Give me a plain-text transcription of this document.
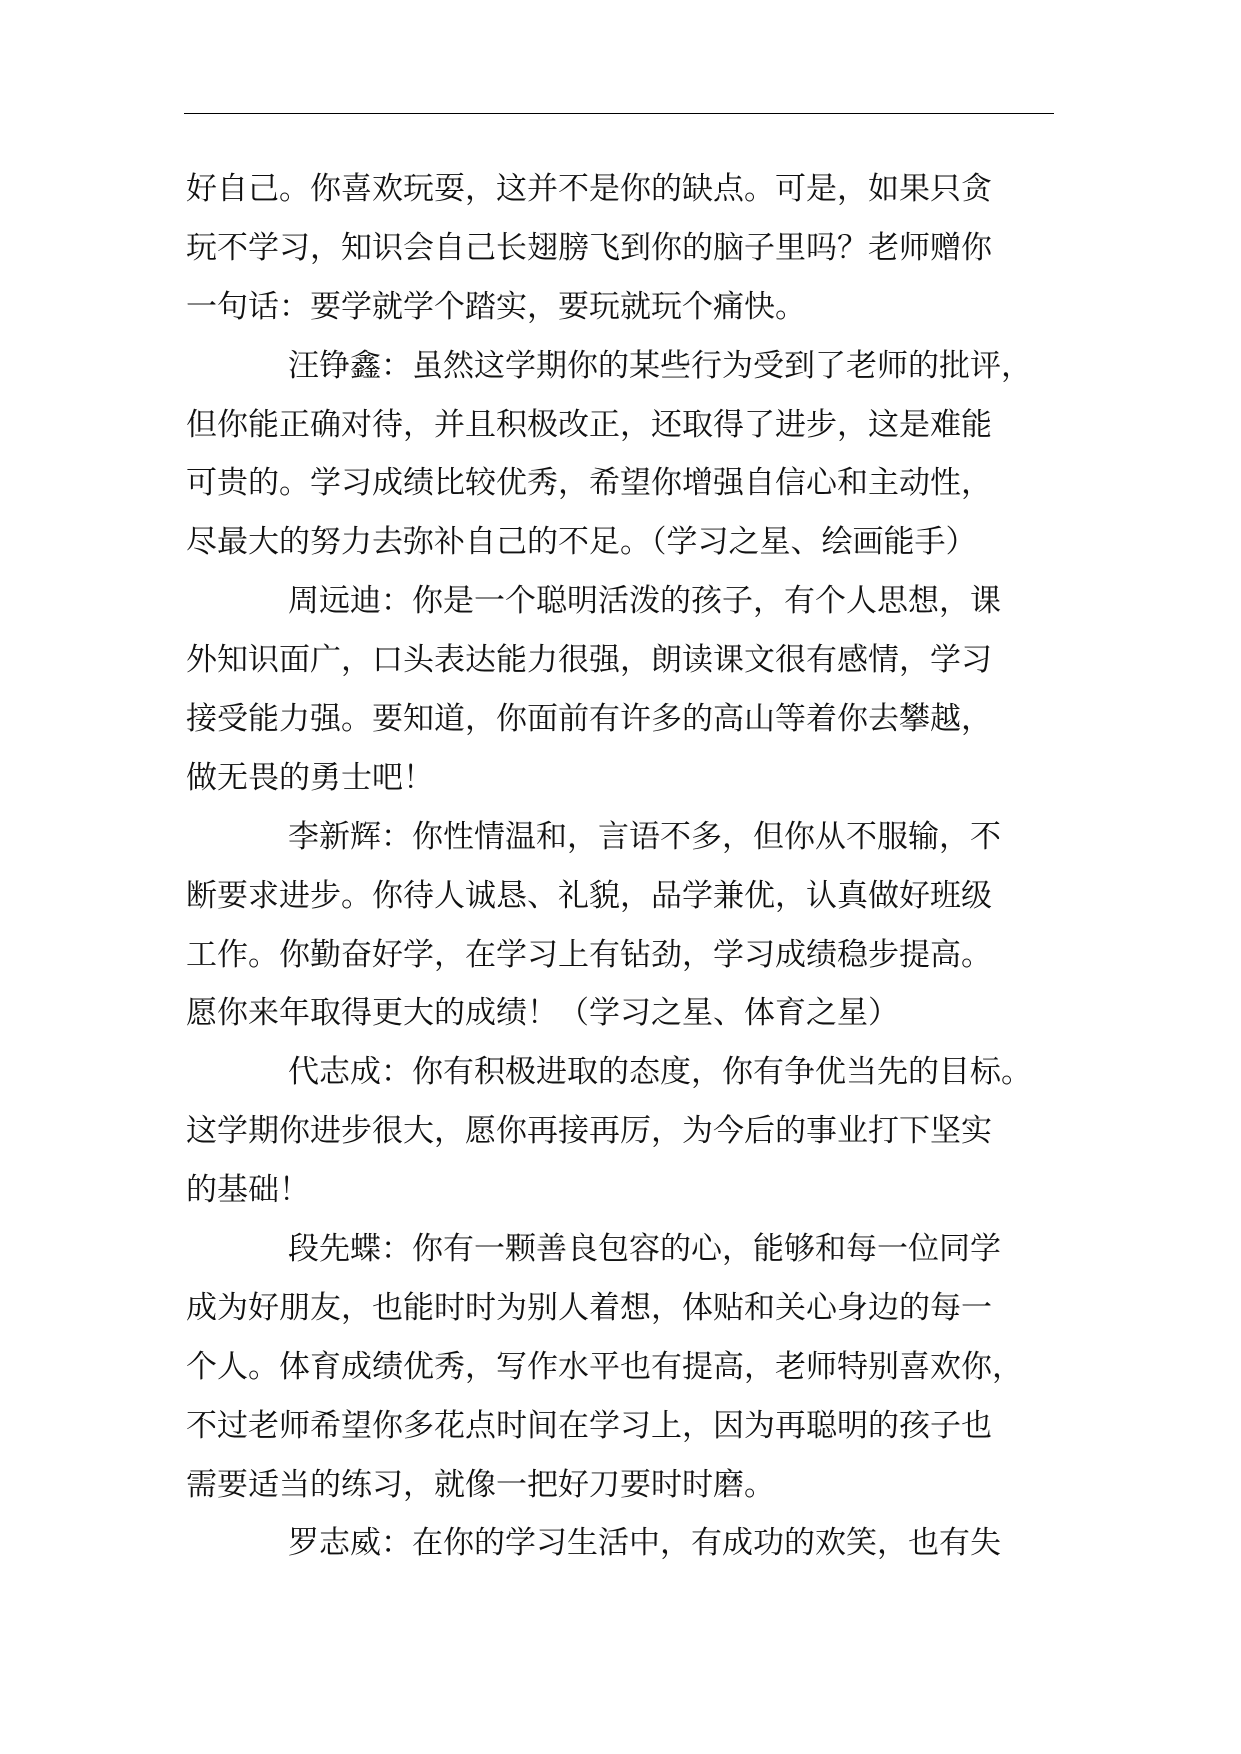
好自己。你喜欢玩耍，这并不是你的缺点。可是，如果只贪
玩不学习，知识会自己长翅膀飞到你的脑子里吗？老师赠你
一句话：要学就学个踏实，要玩就玩个痛快。
汪铮鑫：虽然这学期你的某些行为受到了老师的批评，
但你能正确对待，并且积极改正，还取得了进步，这是难能
可贵的。学习成绩比较优秀，希望你增强自信心和主动性，
尽最大的努力去弥补自己的不足。（学习之星、绘画能手）
周远迪：你是一个聪明活泼的孩子，有个人思想，课
外知识面广，口头表达能力很强，朗读课文很有感情，学习
接受能力强。要知道，你面前有许多的高山等着你去攀越，
做无畏的勇士吧！
李新辉：你性情温和，言语不多，但你从不服输，不
断要求进步。你待人诚恳、礼貌，品学兼优，认真做好班级
工作。你勤奋好学，在学习上有钻劲，学习成绩稳步提高。
愿你来年取得更大的成绩！（学习之星、体育之星）
代志成：你有积极进取的态度，你有争优当先的目标。
这学期你进步很大，愿你再接再厉，为今后的事业打下坚实
的基础！
段先蝶：你有一颗善良包容的心，能够和每一位同学
成为好朋友，也能时时为别人着想，体贴和关心身边的每一
个人。体育成绩优秀，写作水平也有提高，老师特别喜欢你，
不过老师希望你多花点时间在学习上，因为再聪明的孩子也
需要适当的练习，就像一把好刀要时时磨。
罗志威：在你的学习生活中，有成功的欢笑，也有失
